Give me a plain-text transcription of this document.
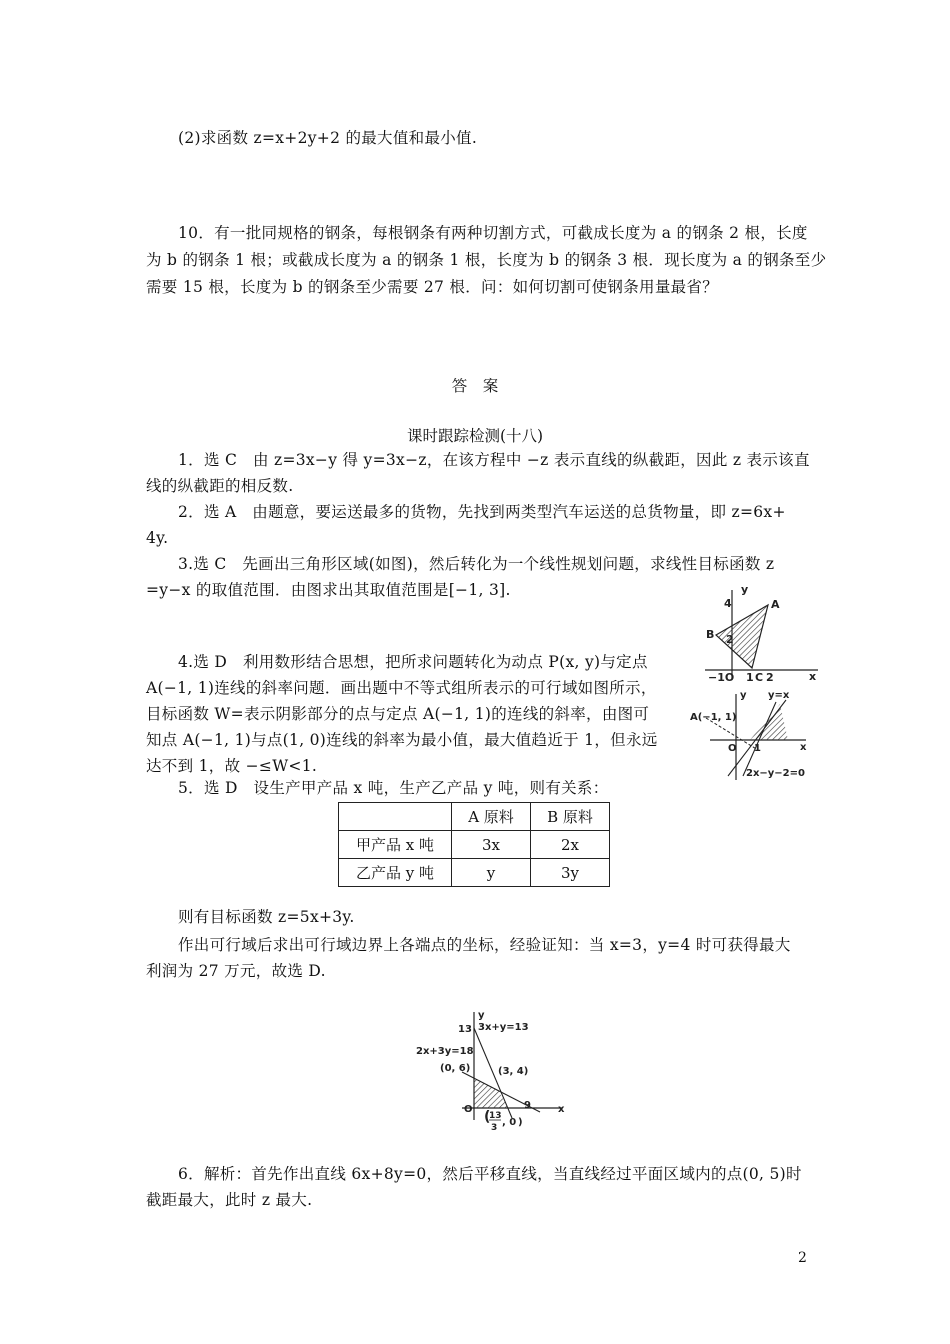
(2)求函数 z=x+2y+2 的最大值和最小值.
10．有一批同规格的钢条，每根钢条有两种切割方式，可截成长度为 a 的钢条 2 根，长度
为 b 的钢条 1 根；或截成长度为 a 的钢条 1 根，长度为 b 的钢条 3 根．现长度为 a 的钢条至少
需要 15 根，长度为 b 的钢条至少需要 27 根．问：如何切割可使钢条用量最省？
答　案
课时跟踪检测(十八)
1．选 C　由 z=3x−y 得 y=3x−z，在该方程中 −z 表示直线的纵截距，因此 z 表示该直
线的纵截距的相反数.
2．选 A　由题意，要运送最多的货物，先找到两类型汽车运送的总货物量，即 z=6x+
4y.
3.选 C　先画出三角形区域(如图)，然后转化为一个线性规划问题，求线性目标函数 z
=y−x 的取值范围．由图求出其取值范围是[−1, 3].	y
x
4
2
A
B
C
−1O 1 2
4.选 D　利用数形结合思想，把所求问题转化为动点 P(x, y)与定点
A(−1, 1)连线的斜率问题．画出题中不等式组所表示的可行域如图所示，
目标函数 W=表示阴影部分的点与定点 A(−1, 1)的连线的斜率，由图可
知点 A(−1, 1)与点(1, 0)连线的斜率为最小值，最大值趋近于 1，但永远
达不到 1，故 −≤W<1.
y
x
y=x
A(−1, 1)
O 1
2x−y−2=0
5．选 D　设生产甲产品 x 吨，生产乙产品 y 吨，则有关系：
	A 原料	B 原料
甲产品 x 吨	3x	2x
乙产品 y 吨	y	3y
则有目标函数 z=5x+3y.
作出可行域后求出可行域边界上各端点的坐标，经验证知：当 x=3，y=4 时可获得最大
利润为 27 万元，故选 D.
y
x
13 3x+y=13
2x+3y=18
(0, 6)	(3, 4)
O	9
(
13
3 , 0 )
6．解析：首先作出直线 6x+8y=0，然后平移直线，当直线经过平面区域内的点(0, 5)时
截距最大，此时 z 最大.
2
